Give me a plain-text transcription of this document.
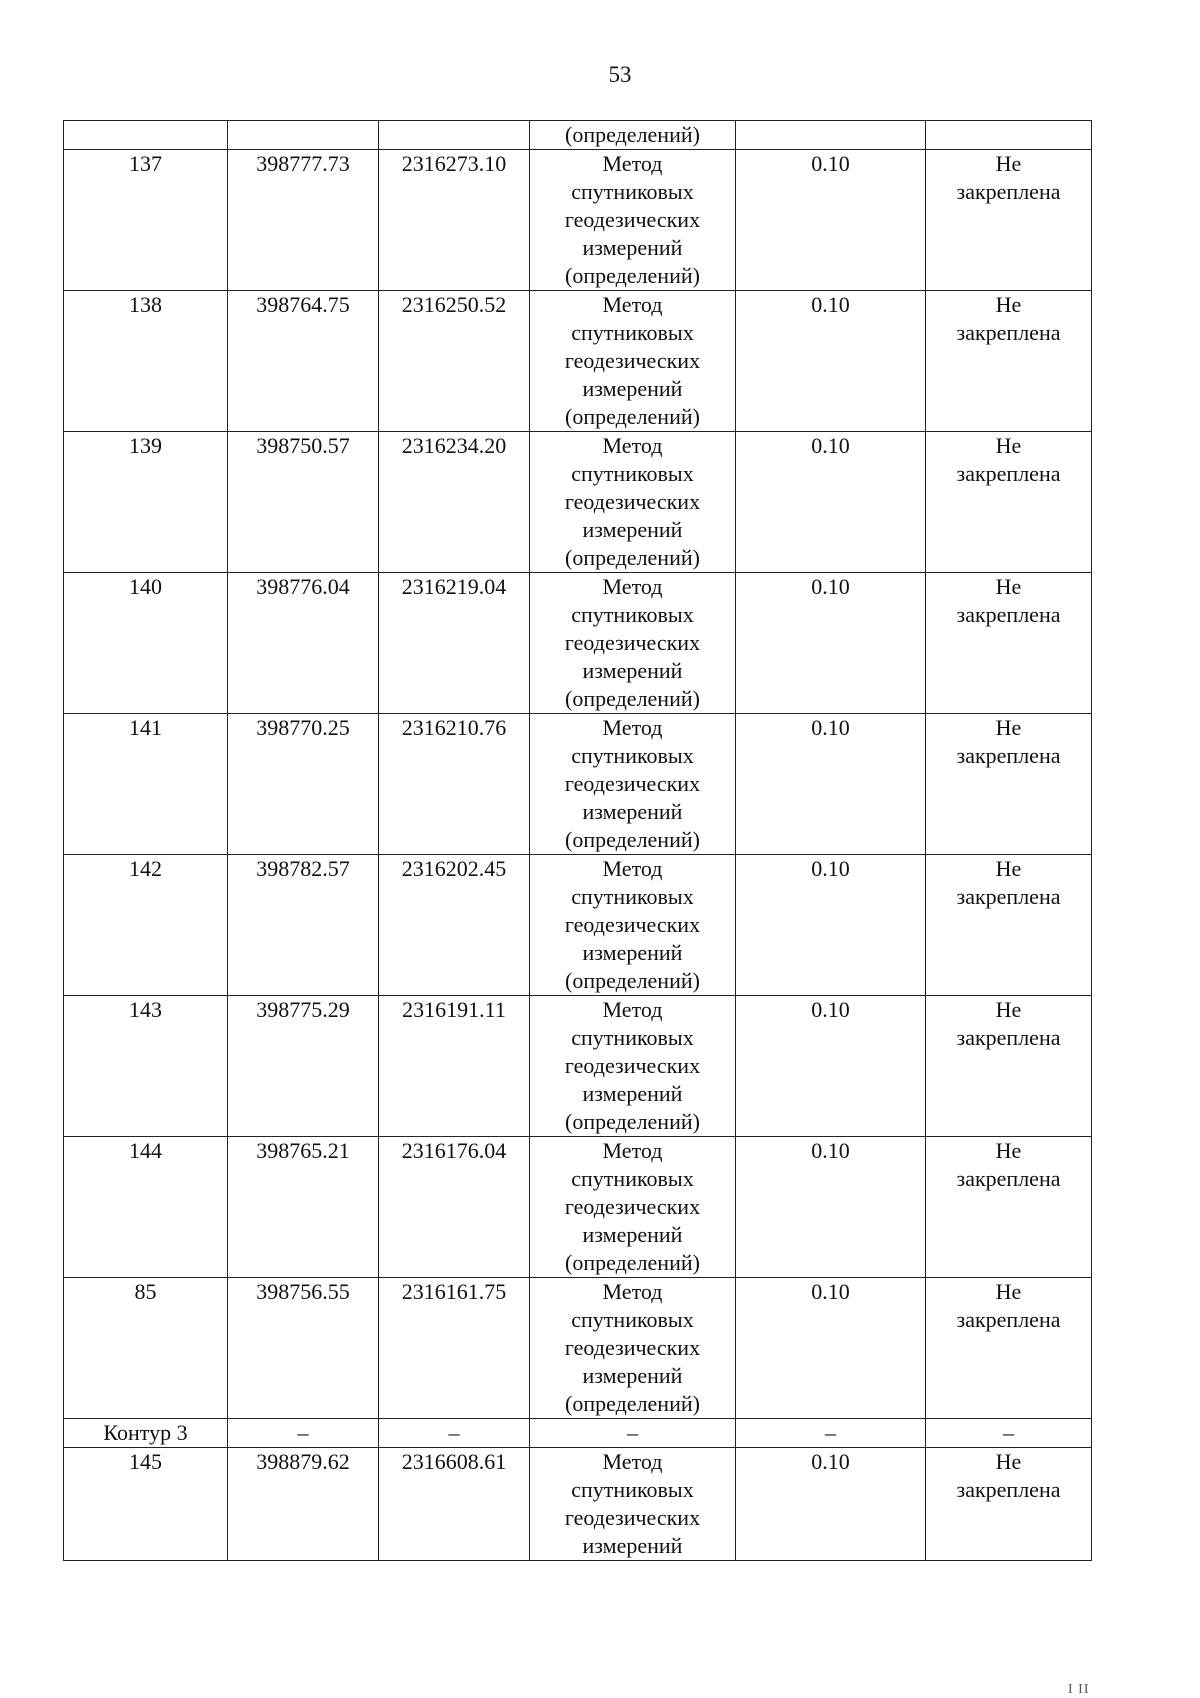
53
			(определений)		
137	398777.73	2316273.10	Метод
спутниковых
геодезических
измерений
(определений)	0.10	Не
закреплена

138	398764.75	2316250.52	Метод
спутниковых
геодезических
измерений
(определений)	0.10	Не
закреплена

139	398750.57	2316234.20	Метод
спутниковых
геодезических
измерений
(определений)	0.10	Не
закреплена

140	398776.04	2316219.04	Метод
спутниковых
геодезических
измерений
(определений)	0.10	Не
закреплена

141	398770.25	2316210.76	Метод
спутниковых
геодезических
измерений
(определений)	0.10	Не
закреплена

142	398782.57	2316202.45	Метод
спутниковых
геодезических
измерений
(определений)	0.10	Не
закреплена

143	398775.29	2316191.11	Метод
спутниковых
геодезических
измерений
(определений)	0.10	Не
закреплена

144	398765.21	2316176.04	Метод
спутниковых
геодезических
измерений
(определений)	0.10	Не
закреплена

85	398756.55	2316161.75	Метод
спутниковых
геодезических
измерений
(определений)	0.10	Не
закреплена

Контур 3	–	–	–	–	–
145	398879.62	2316608.61	Метод
спутниковых
геодезических
измерений	0.10	Не
закреплена
I II
